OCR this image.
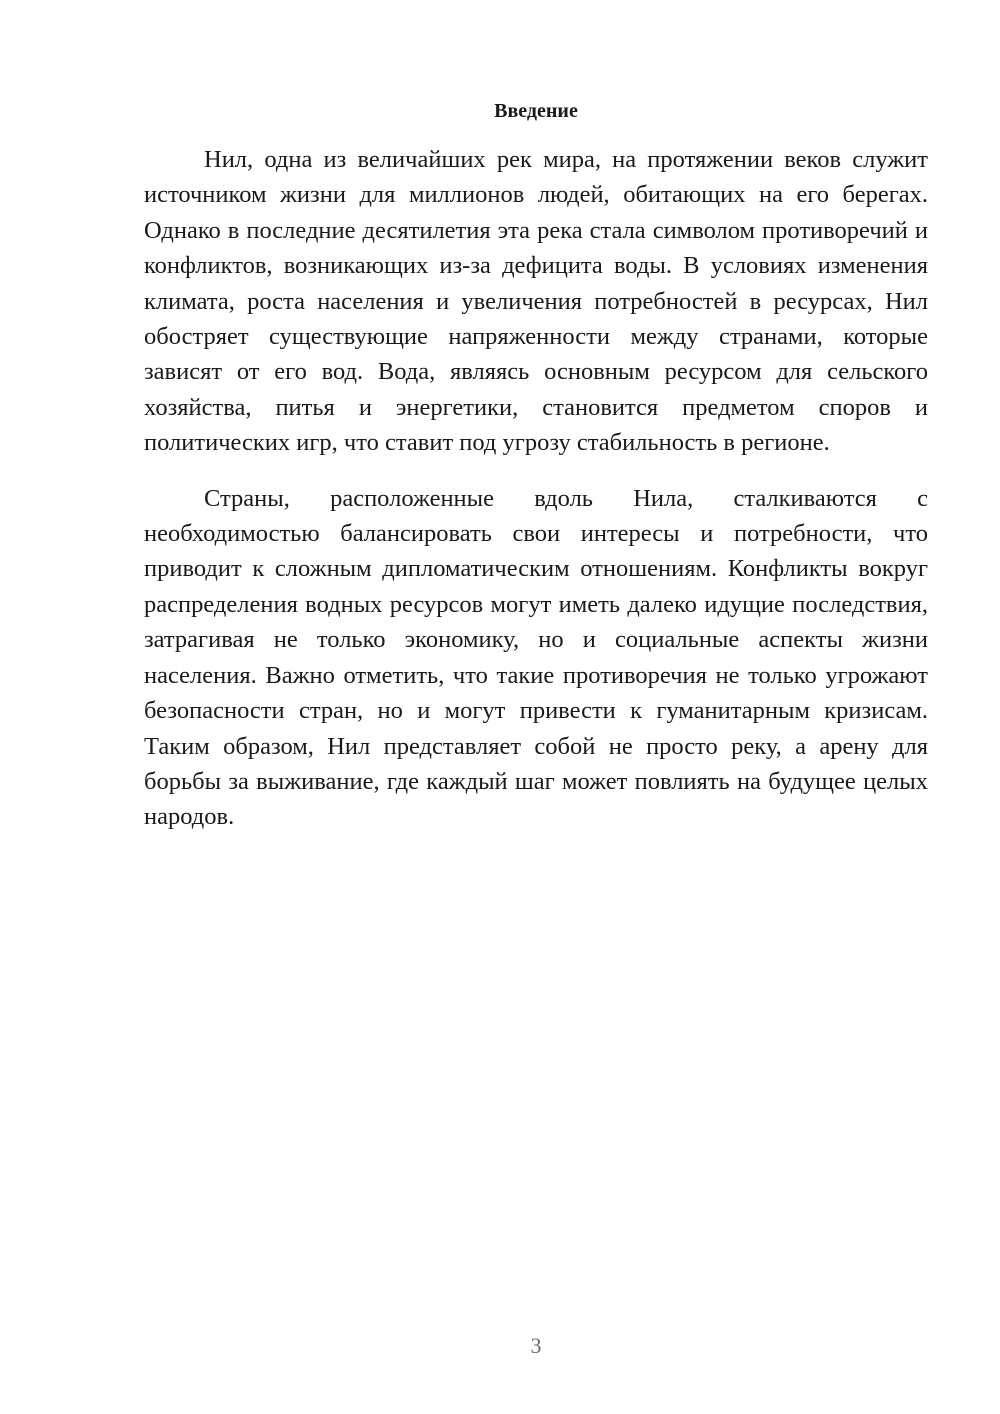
Введение

Нил, одна из величайших рек мира, на протяжении веков служит источником жизни для миллионов людей, обитающих на его берегах. Однако в последние десятилетия эта река стала символом противоречий и конфликтов, возникающих из-за дефицита воды. В условиях изменения климата, роста населения и увеличения потребностей в ресурсах, Нил обостряет существующие напряженности между странами, которые зависят от его вод. Вода, являясь основным ресурсом для сельского хозяйства, питья и энергетики, становится предметом споров и политических игр, что ставит под угрозу стабильность в регионе.

Страны, расположенные вдоль Нила, сталкиваются с необходимостью балансировать свои интересы и потребности, что приводит к сложным дипломатическим отношениям. Конфликты вокруг распределения водных ресурсов могут иметь далеко идущие последствия, затрагивая не только экономику, но и социальные аспекты жизни населения. Важно отметить, что такие противоречия не только угрожают безопасности стран, но и могут привести к гуманитарным кризисам. Таким образом, Нил представляет собой не просто реку, а арену для борьбы за выживание, где каждый шаг может повлиять на будущее целых народов.

3
